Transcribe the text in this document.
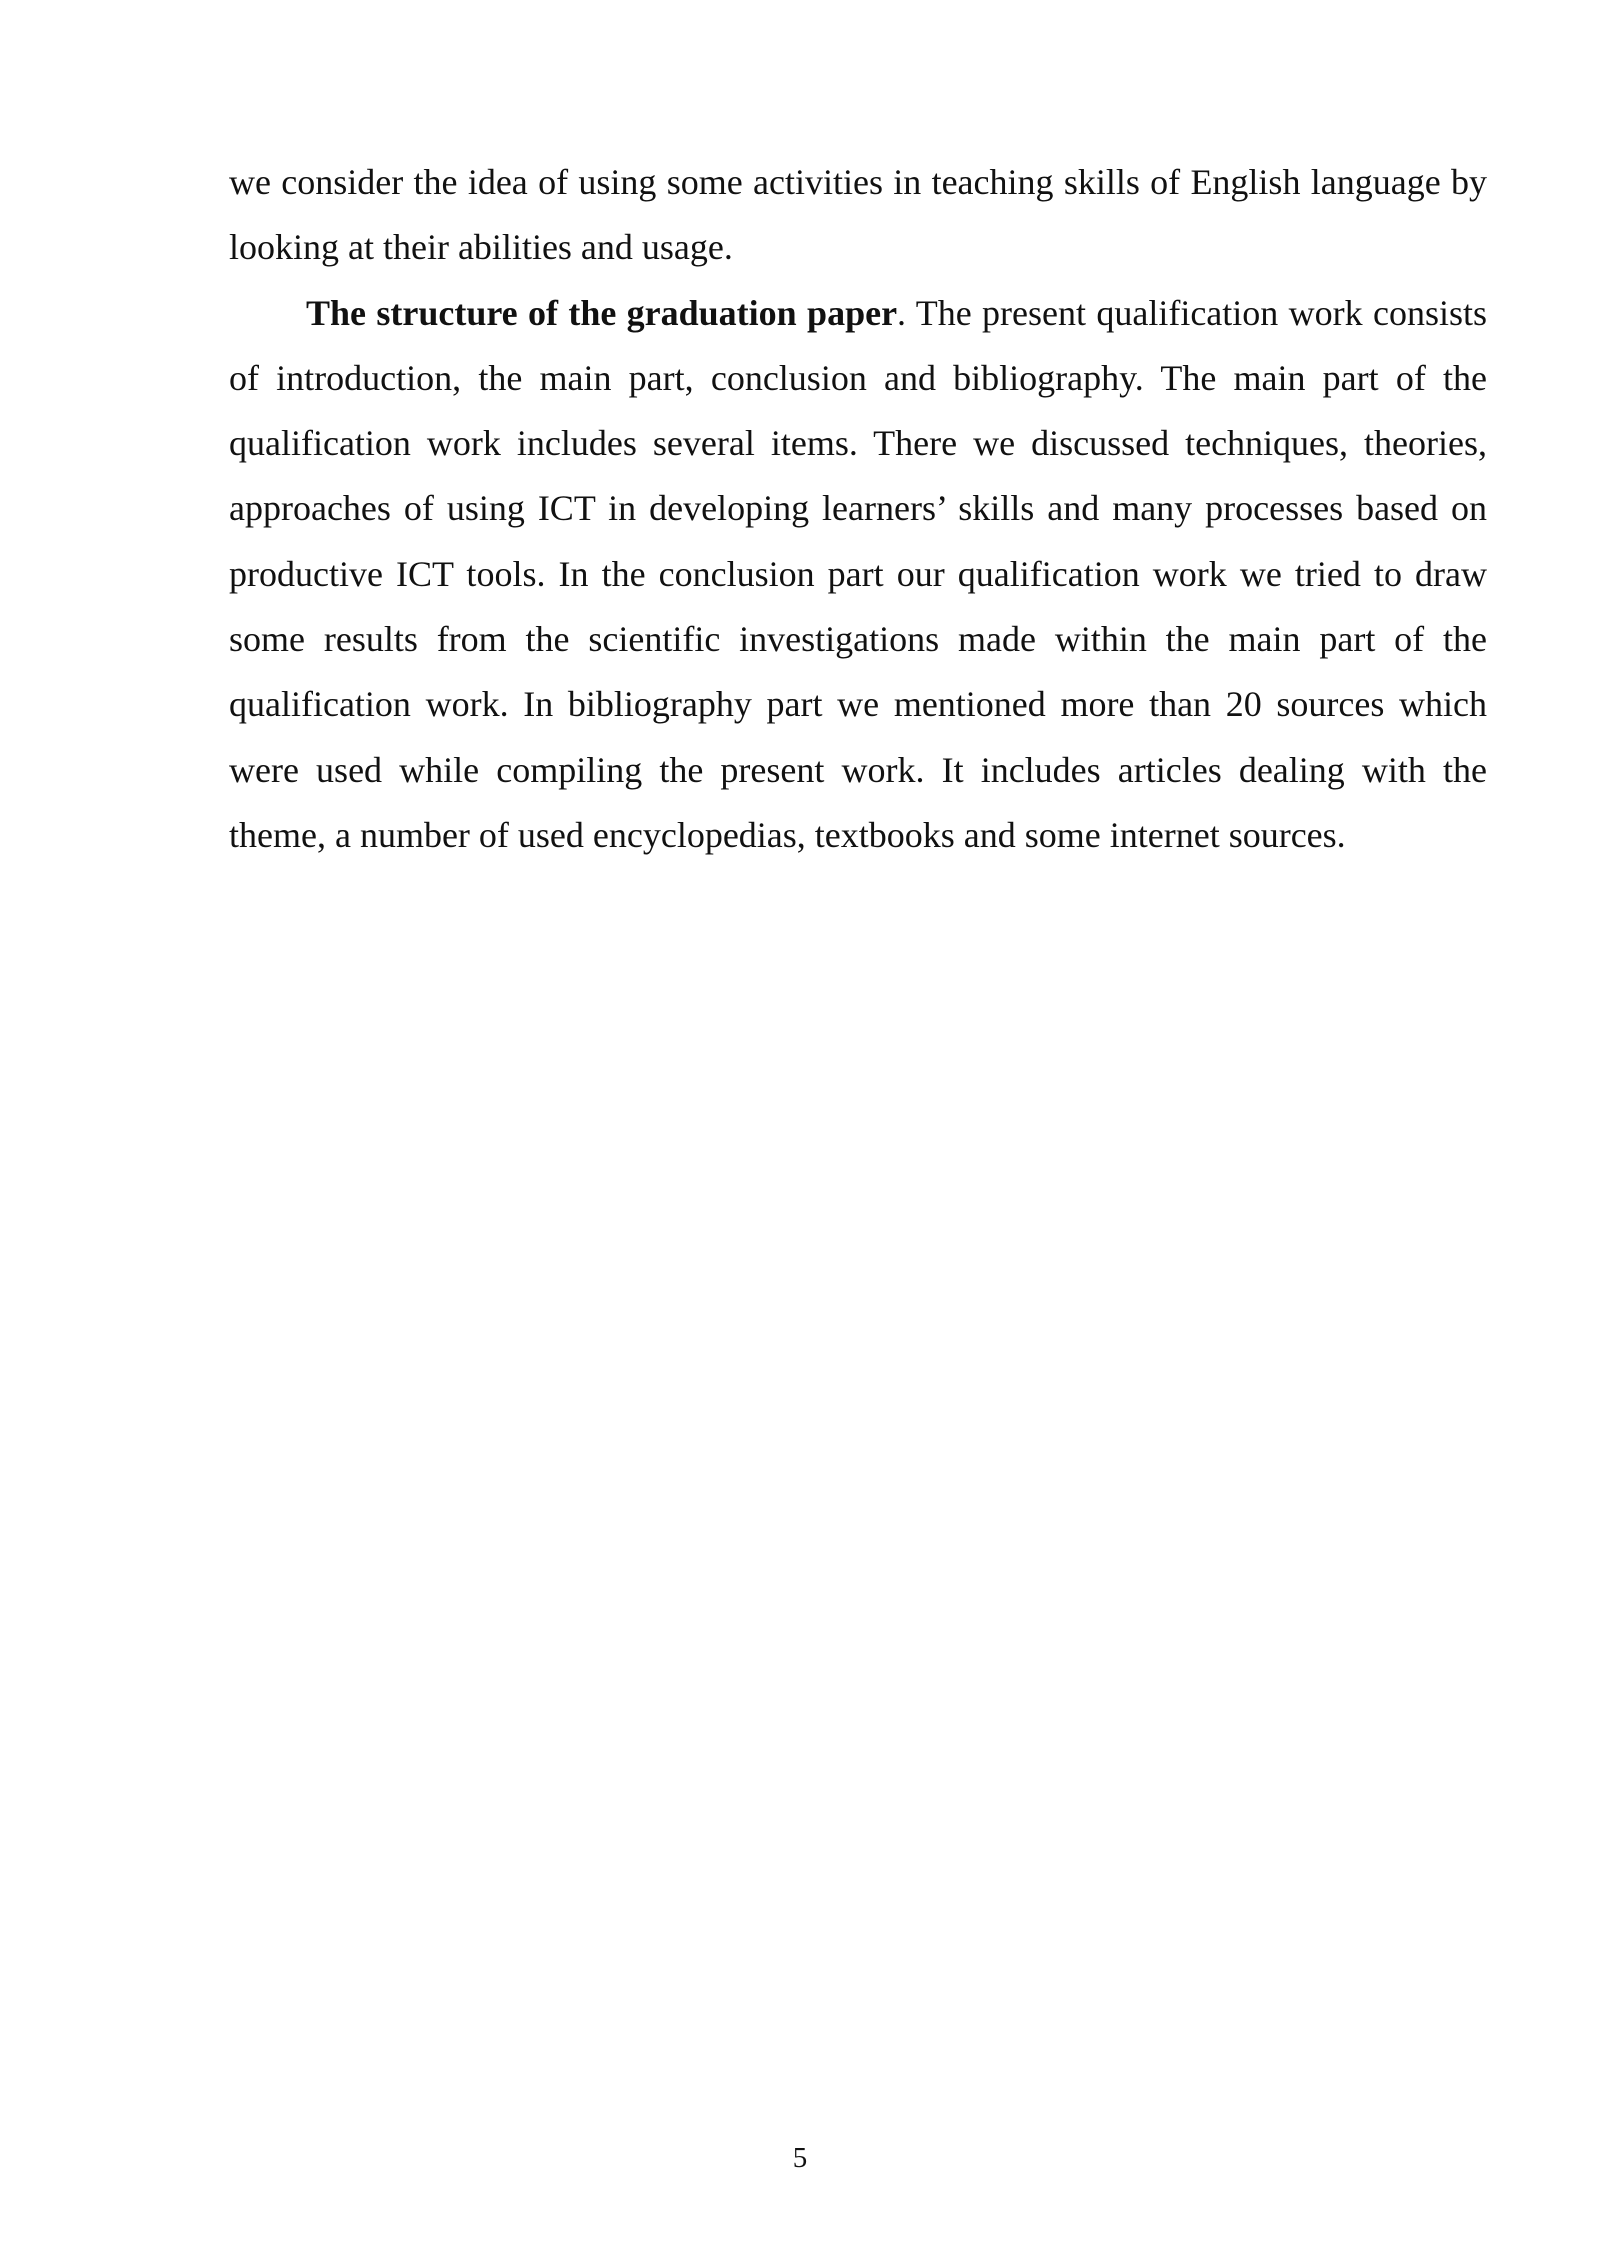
we consider the idea of using some activities in teaching skills of English language by looking at their abilities and usage.

The structure of the graduation paper. The present qualification work consists of introduction, the main part, conclusion and bibliography. The main part of the qualification work includes several items. There we discussed techniques, theories, approaches of using ICT in developing learners’ skills and many processes based on productive ICT tools. In the conclusion part our qualification work we tried to draw some results from the scientific investigations made within the main part of the qualification work. In bibliography part we mentioned more than 20 sources which were used while compiling the present work. It includes articles dealing with the theme, a number of used encyclopedias, textbooks and some internet sources.

5
